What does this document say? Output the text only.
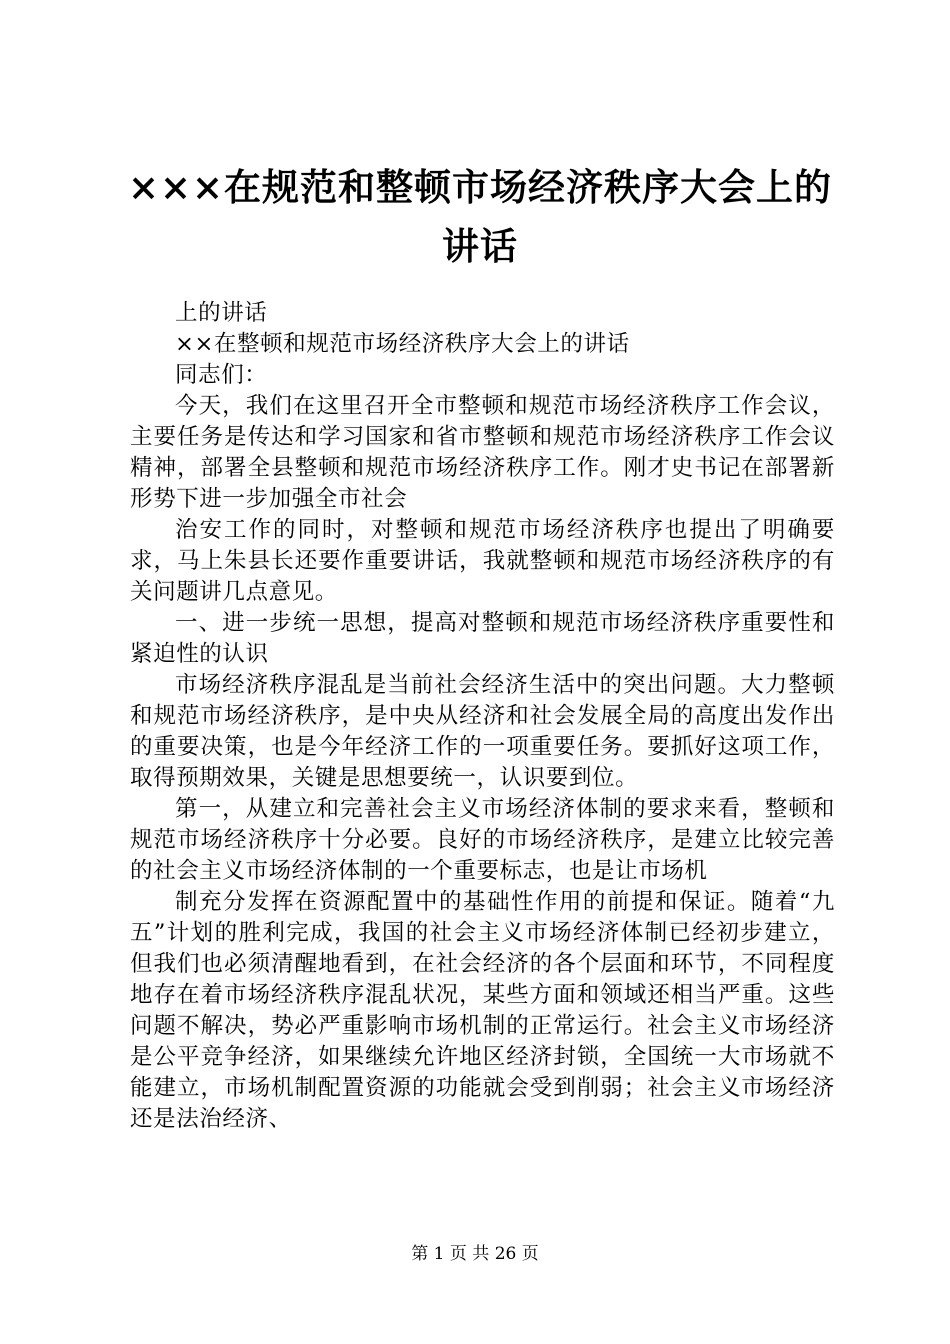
×××在规范和整顿市场经济秩序大会上的讲话

上的讲话

××在整顿和规范市场经济秩序大会上的讲话

同志们：

今天，我们在这里召开全市整顿和规范市场经济秩序工作会议，主要任务是传达和学习国家和省市整顿和规范市场经济秩序工作会议精神，部署全县整顿和规范市场经济秩序工作。刚才史书记在部署新形势下进一步加强全市社会

治安工作的同时，对整顿和规范市场经济秩序也提出了明确要求，马上朱县长还要作重要讲话，我就整顿和规范市场经济秩序的有关问题讲几点意见。

一、进一步统一思想，提高对整顿和规范市场经济秩序重要性和紧迫性的认识

市场经济秩序混乱是当前社会经济生活中的突出问题。大力整顿和规范市场经济秩序，是中央从经济和社会发展全局的高度出发作出的重要决策，也是今年经济工作的一项重要任务。要抓好这项工作，取得预期效果，关键是思想要统一，认识要到位。

第一，从建立和完善社会主义市场经济体制的要求来看，整顿和规范市场经济秩序十分必要。良好的市场经济秩序，是建立比较完善的社会主义市场经济体制的一个重要标志，也是让市场机

制充分发挥在资源配置中的基础性作用的前提和保证。随着“九五”计划的胜利完成，我国的社会主义市场经济体制已经初步建立，但我们也必须清醒地看到，在社会经济的各个层面和环节，不同程度地存在着市场经济秩序混乱状况，某些方面和领域还相当严重。这些问题不解决，势必严重影响市场机制的正常运行。社会主义市场经济是公平竞争经济，如果继续允许地区经济封锁，全国统一大市场就不能建立，市场机制配置资源的功能就会受到削弱；社会主义市场经济还是法治经济、

第 1 页 共 26 页
